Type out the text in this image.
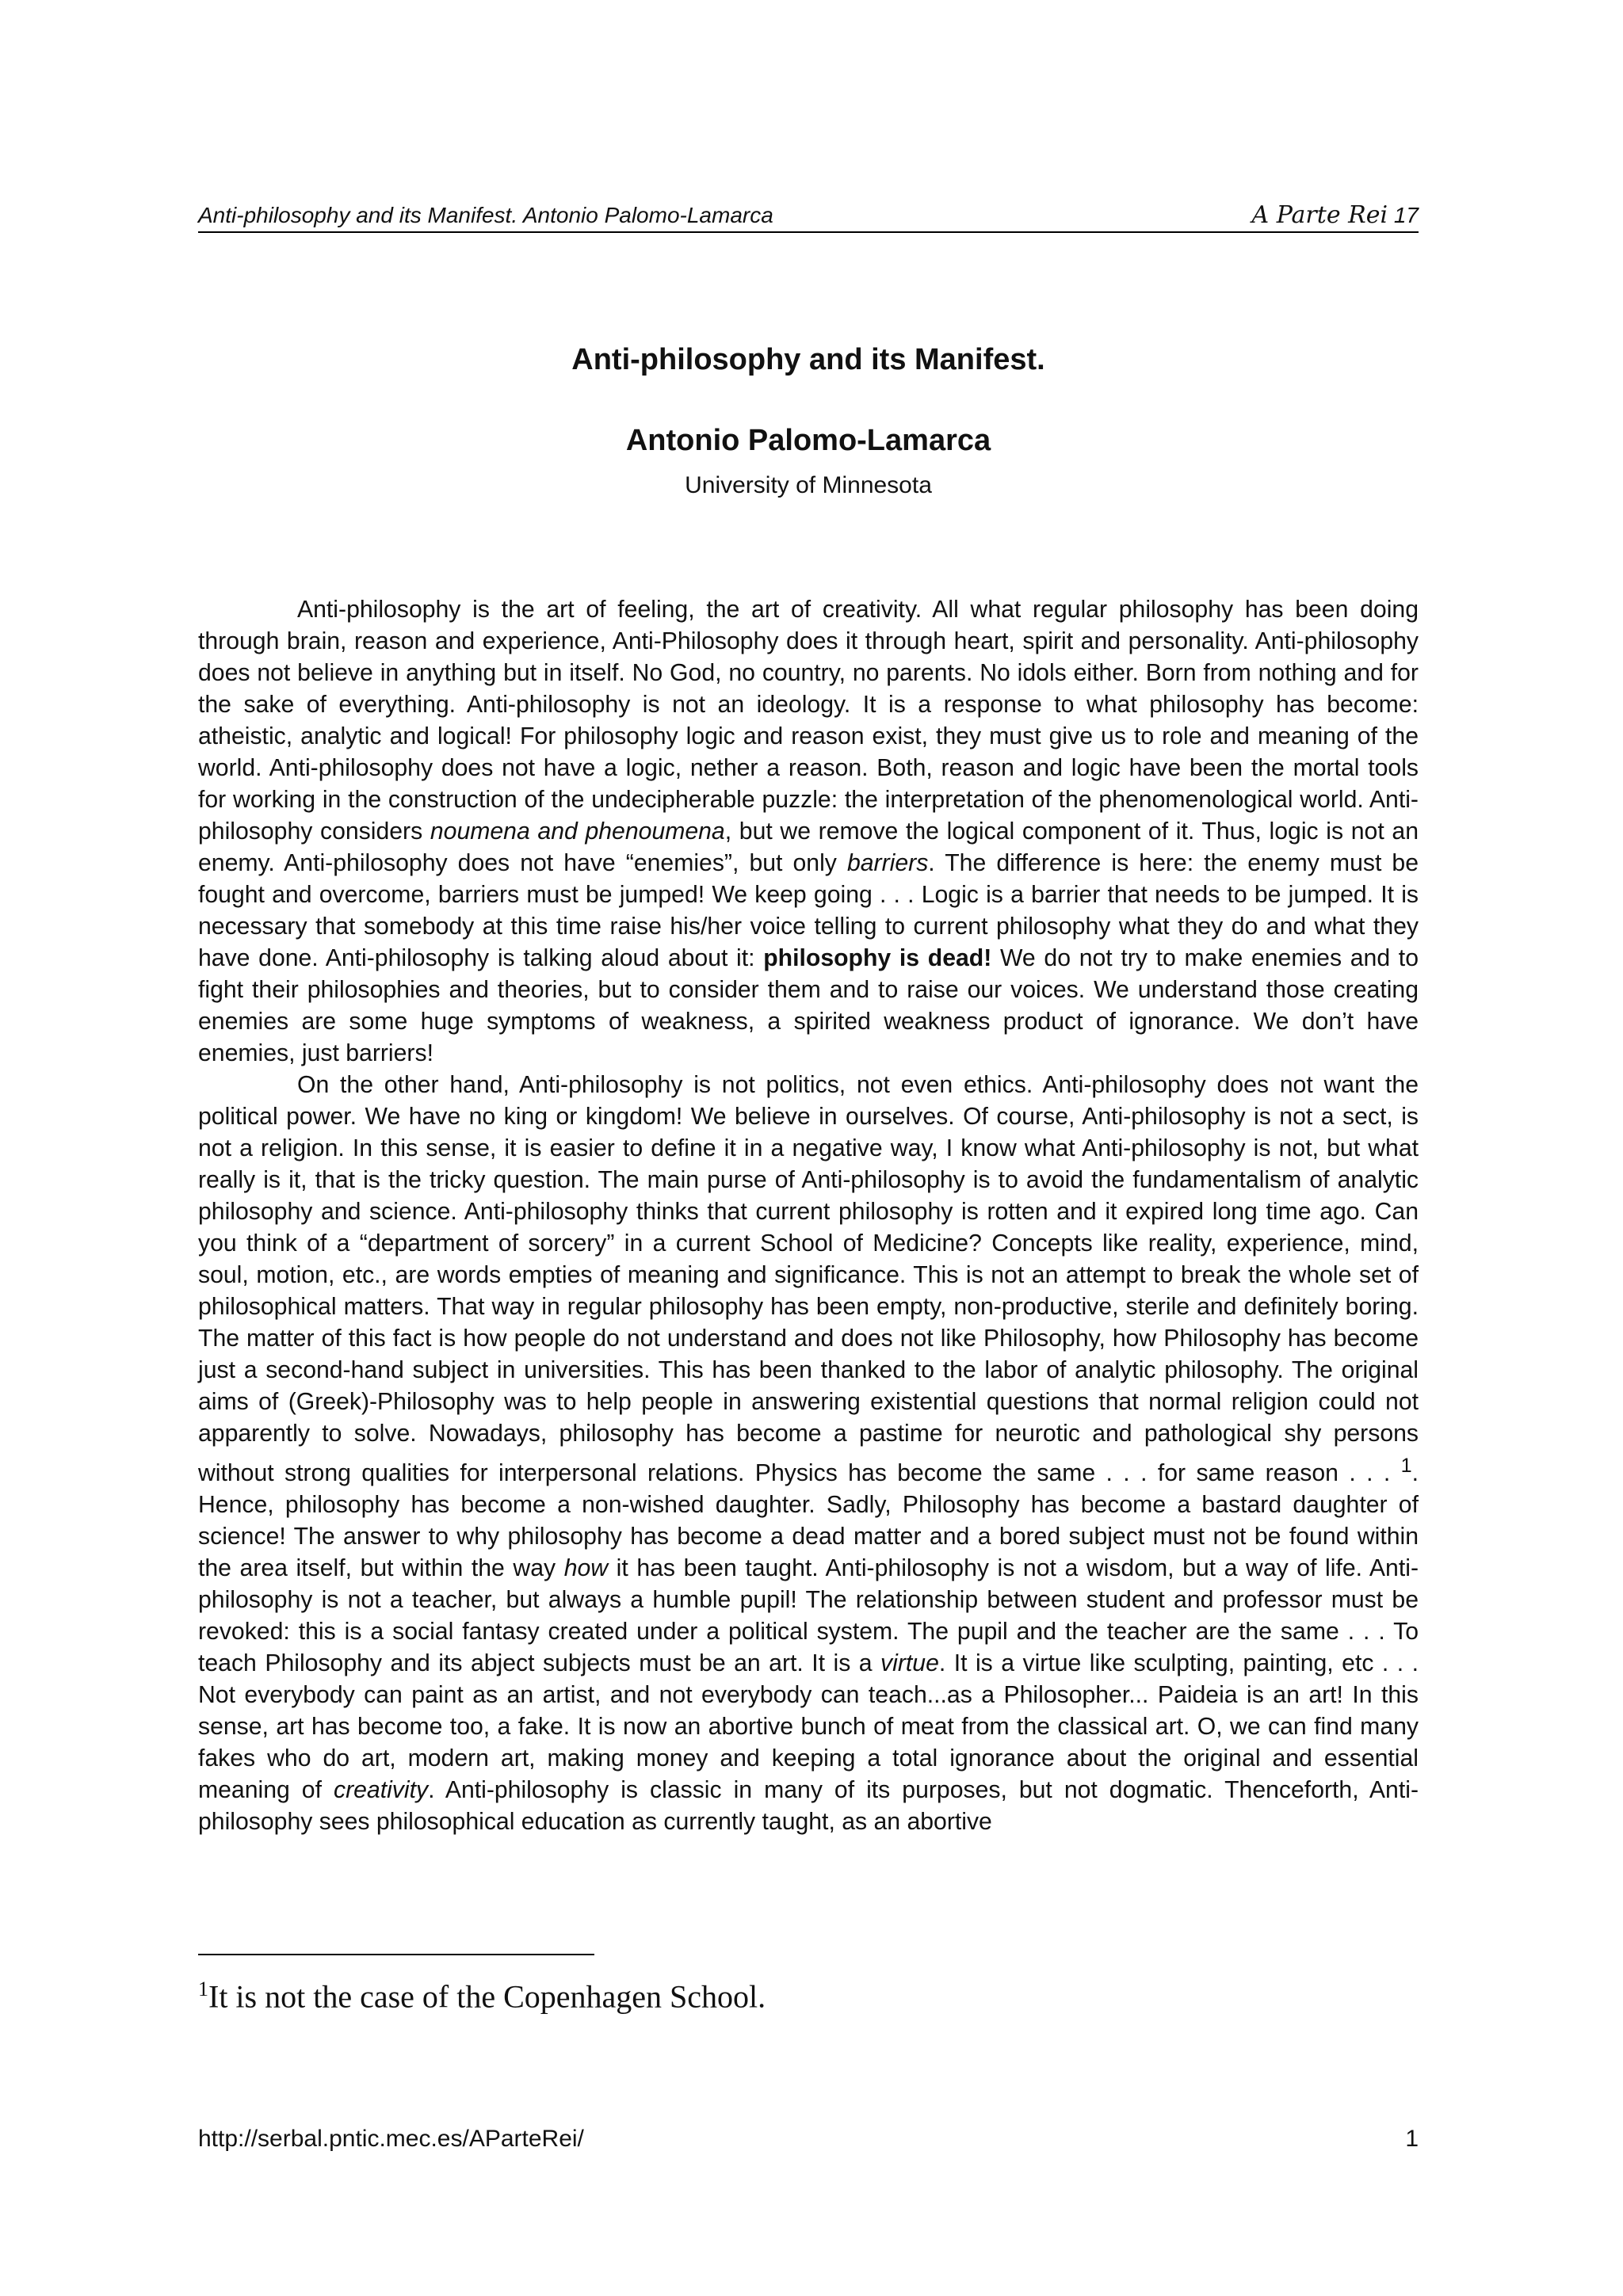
Anti-philosophy and its Manifest. Antonio Palomo-Lamarca	A Parte Rei 17
Anti-philosophy and its Manifest.
Antonio Palomo-Lamarca
University of Minnesota

Anti-philosophy is the art of feeling, the art of creativity. All what regular philosophy has been doing through brain, reason and experience, Anti-Philosophy does it through heart, spirit and personality. Anti-philosophy does not believe in anything but in itself. No God, no country, no parents. No idols either. Born from nothing and for the sake of everything. Anti-philosophy is not an ideology. It is a response to what philosophy has become: atheistic, analytic and logical! For philosophy logic and reason exist, they must give us to role and meaning of the world. Anti-philosophy does not have a logic, nether a reason. Both, reason and logic have been the mortal tools for working in the construction of the undecipherable puzzle: the interpretation of the phenomenological world. Anti-philosophy considers noumena and phenoumena, but we remove the logical component of it. Thus, logic is not an enemy. Anti-philosophy does not have “enemies”, but only barriers. The difference is here: the enemy must be fought and overcome, barriers must be jumped! We keep going . . . Logic is a barrier that needs to be jumped. It is necessary that somebody at this time raise his/her voice telling to current philosophy what they do and what they have done. Anti-philosophy is talking aloud about it: philosophy is dead! We do not try to make enemies and to fight their philosophies and theories, but to consider them and to raise our voices. We understand those creating enemies are some huge symptoms of weakness, a spirited weakness product of ignorance. We don’t have enemies, just barriers!

On the other hand, Anti-philosophy is not politics, not even ethics. Anti-philosophy does not want the political power. We have no king or kingdom! We believe in ourselves. Of course, Anti-philosophy is not a sect, is not a religion. In this sense, it is easier to define it in a negative way, I know what Anti-philosophy is not, but what really is it, that is the tricky question. The main purse of Anti-philosophy is to avoid the fundamentalism of analytic philosophy and science. Anti-philosophy thinks that current philosophy is rotten and it expired long time ago. Can you think of a “department of sorcery” in a current School of Medicine? Concepts like reality, experience, mind, soul, motion, etc., are words empties of meaning and significance. This is not an attempt to break the whole set of philosophical matters. That way in regular philosophy has been empty, non-productive, sterile and definitely boring. The matter of this fact is how people do not understand and does not like Philosophy, how Philosophy has become just a second-hand subject in universities. This has been thanked to the labor of analytic philosophy. The original aims of (Greek)-Philosophy was to help people in answering existential questions that normal religion could not apparently to solve. Nowadays, philosophy has become a pastime for neurotic and pathological shy persons without strong qualities for interpersonal relations. Physics has become the same . . . for same reason . . . $^1$. Hence, philosophy has become a non-wished daughter. Sadly, Philosophy has become a bastard daughter of science! The answer to why philosophy has become a dead matter and a bored subject must not be found within the area itself, but within the way how it has been taught. Anti-philosophy is not a wisdom, but a way of life. Anti-philosophy is not a teacher, but always a humble pupil! The relationship between student and professor must be revoked: this is a social fantasy created under a political system. The pupil and the teacher are the same . . . To teach Philosophy and its abject subjects must be an art. It is a virtue. It is a virtue like sculpting, painting, etc . . . Not everybody can paint as an artist, and not everybody can teach...as a Philosopher... Paideia is an art! In this sense, art has become too, a fake. It is now an abortive bunch of meat from the classical art. O, we can find many fakes who do art, modern art, making money and keeping a total ignorance about the original and essential meaning of creativity. Anti-philosophy is classic in many of its purposes, but not dogmatic. Thenceforth, Anti-philosophy sees philosophical education as currently taught, as an abortive

$^1$It is not the case of the Copenhagen School.
http://serbal.pntic.mec.es/AParteRei/	1
